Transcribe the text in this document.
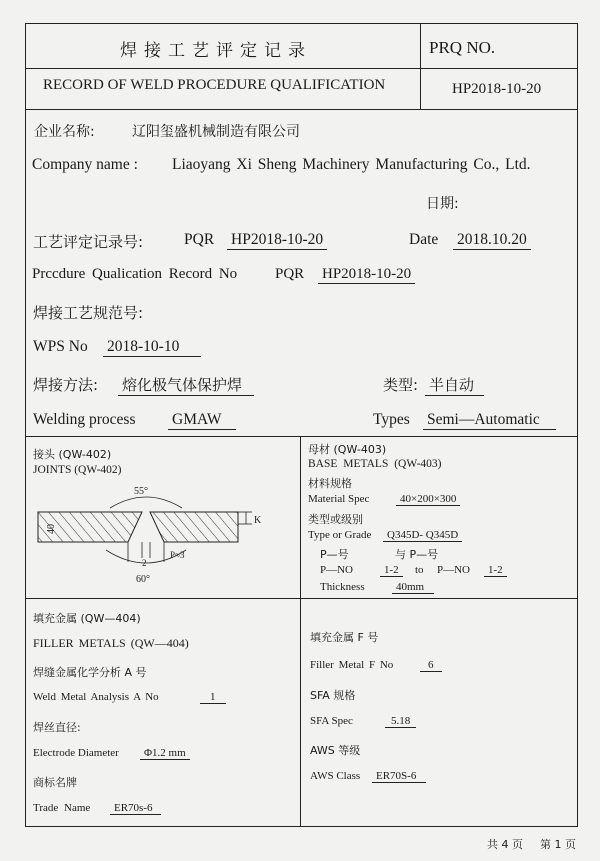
焊接工艺评定记录
RECORD OF WELD PROCEDURE QUALIFICATION
PRQ NO.
HP2018-10-20
企业名称:	辽阳玺盛机械制造有限公司
Company name : Liaoyang Xi Sheng Machinery Manufacturing Co., Ltd.
日期:
工艺评定记录号:	PQR HP2018-10-20	Date 2018.10.20
Prccdure Qualication Record No	PQR HP2018-10-20
焊接工艺规范号:
WPS No 2018-10-10
焊接方法: 熔化极气体保护焊	类型: 半自动
Welding process GMAW	Types Semi—Automatic
接头 (QW-402)
JOINTS (QW-402)
K
55°
60°
40
2
P≈3
母材 (QW-403)
BASE METALS (QW-403)
材料规格
Material Spec	40×200×300
类型或级别
Type or Grade	Q345D- Q345D
P—号	与 P—号
P—NO	1-2	to P—NO	1-2
Thickness	40mm
填充金属 (QW—404)
FILLER METALS (QW—404)
焊缝金属化学分析 A 号
Weld Metal Analysis A No	1
焊丝直径:
Electrode Diameter	Φ1.2 mm
商标名牌
Trade Name	ER70s-6
填充金属 F 号
Filler Metal F No	6
SFA 规格
SFA Spec	5.18
AWS 等级
AWS Class	ER70S-6
共 4 页 第 1 页
